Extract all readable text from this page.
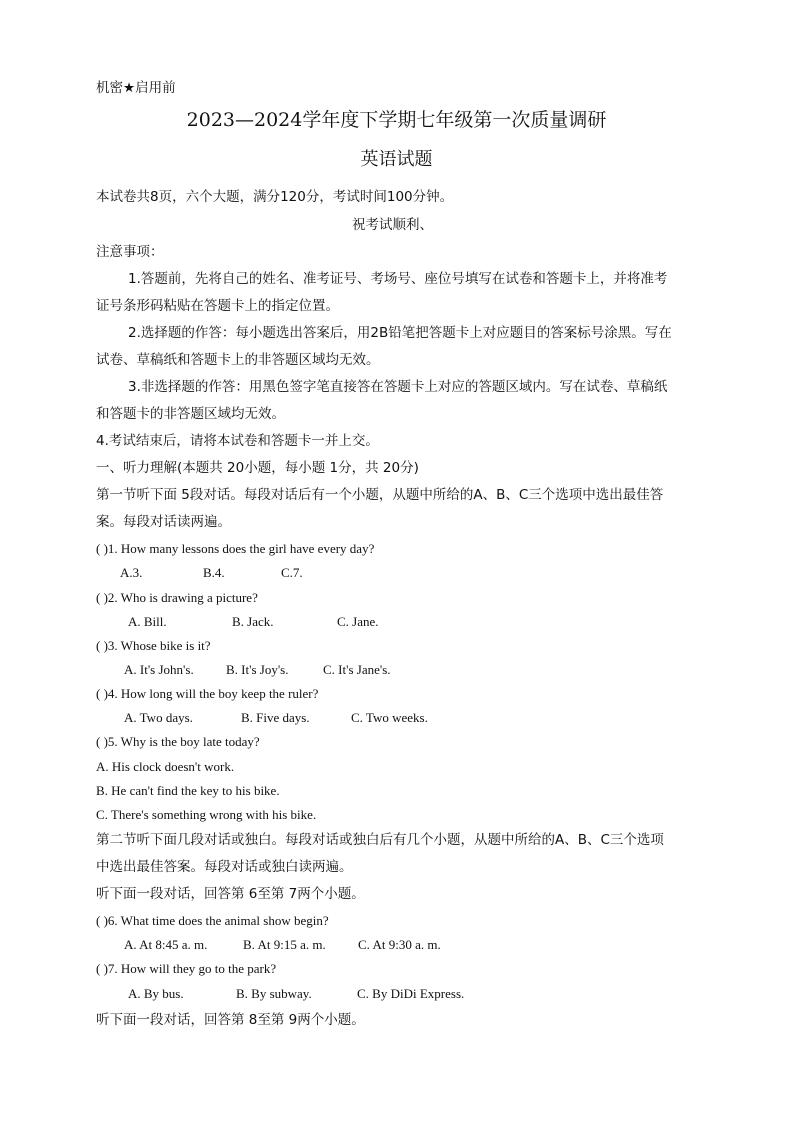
机密★启用前
2023—2024学年度下学期七年级第一次质量调研
英语试题
本试卷共8页，六个大题，满分120分，考试时间100分钟。
祝考试顺利、
注意事项：
1.答题前，先将自己的姓名、准考证号、考场号、座位号填写在试卷和答题卡上，并将准考
证号条形码粘贴在答题卡上的指定位置。
2.选择题的作答：每小题选出答案后，用2B铅笔把答题卡上对应题目的答案标号涂黑。写在
试卷、草稿纸和答题卡上的非答题区域均无效。
3.非选择题的作答：用黑色签字笔直接答在答题卡上对应的答题区域内。写在试卷、草稿纸
和答题卡的非答题区域均无效。
4.考试结束后，请将本试卷和答题卡一并上交。
一、听力理解(本题共 20小题，每小题 1分，共 20分)
第一节听下面 5段对话。每段对话后有一个小题，从题中所给的A、B、C三个选项中选出最佳答
案。每段对话读两遍。
( )1. How many lessons does the girl have every day?
A.3.	B.4.	C.7.
( )2. Who is drawing a picture?
A. Bill.	B. Jack.	C. Jane.
( )3. Whose bike is it?
A. It's John's. B. It's Joy's.	C. It's Jane's.
( )4. How long will the boy keep the ruler?
A. Two days.	B. Five days.	C. Two weeks.
( )5. Why is the boy late today?
A. His clock doesn't work.
B. He can't find the key to his bike.
C. There's something wrong with his bike.
第二节听下面几段对话或独白。每段对话或独白后有几个小题，从题中所给的A、B、C三个选项
中选出最佳答案。每段对话或独白读两遍。
听下面一段对话，回答第 6至第 7两个小题。
( )6. What time does the animal show begin?
A. At 8:45 a. m.	B. At 9:15 a. m. C. At 9:30 a. m.
( )7. How will they go to the park?
A. By bus.	B. By subway.	C. By DiDi Express.
听下面一段对话，回答第 8至第 9两个小题。
